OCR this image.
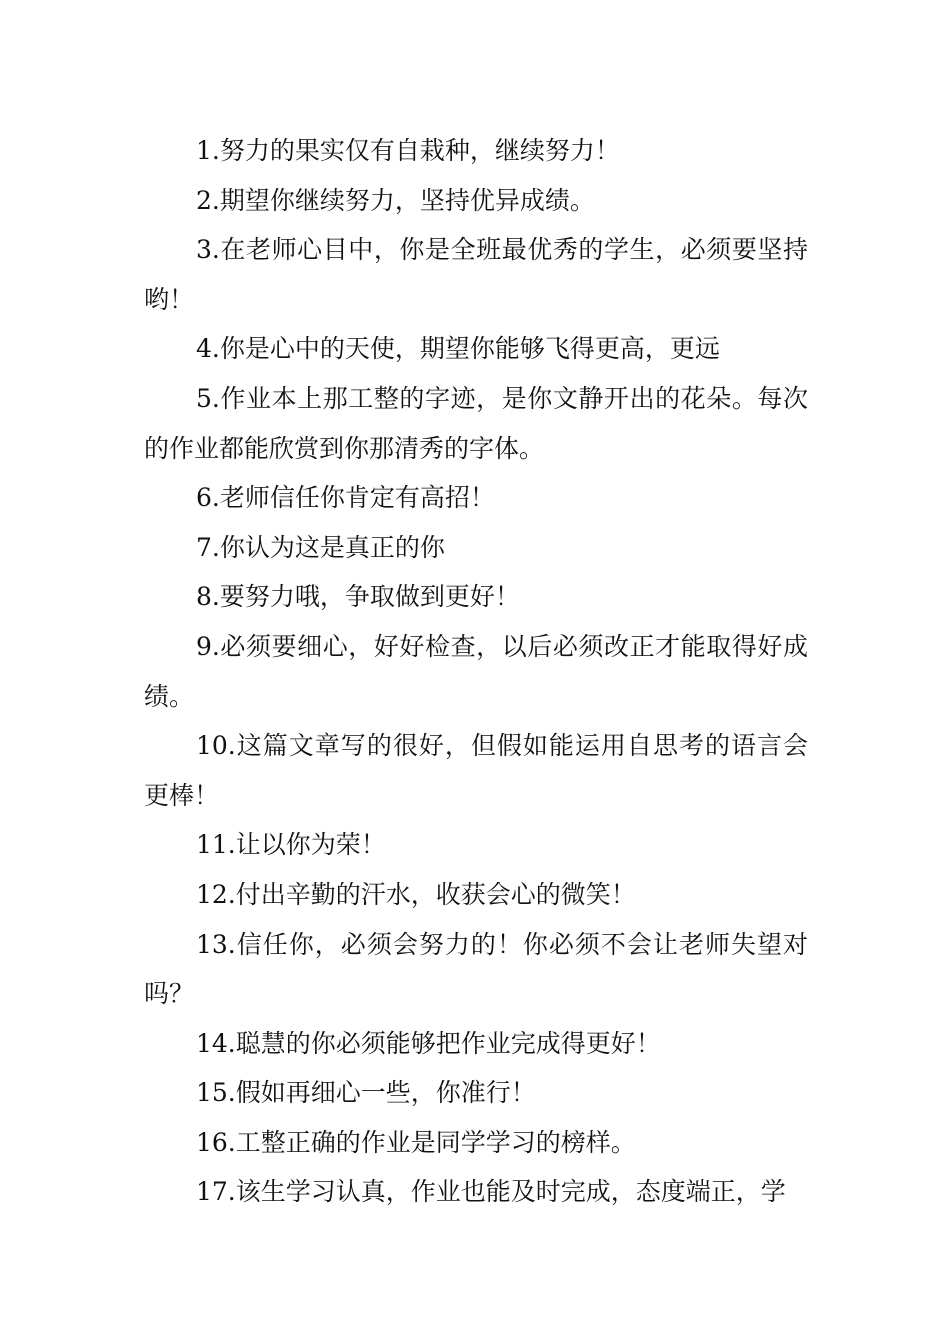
1.努力的果实仅有自栽种，继续努力！

2.期望你继续努力，坚持优异成绩。

3.在老师心目中，你是全班最优秀的学生，必须要坚持哟！

4.你是心中的天使，期望你能够飞得更高，更远

5.作业本上那工整的字迹，是你文静开出的花朵。每次的作业都能欣赏到你那清秀的字体。

6.老师信任你肯定有高招！

7.你认为这是真正的你

8.要努力哦，争取做到更好！

9.必须要细心，好好检查，以后必须改正才能取得好成绩。

10.这篇文章写的很好，但假如能运用自思考的语言会更棒！

11.让以你为荣！

12.付出辛勤的汗水，收获会心的微笑！

13.信任你，必须会努力的！你必须不会让老师失望对吗？

14.聪慧的你必须能够把作业完成得更好！

15.假如再细心一些，你准行！

16.工整正确的作业是同学学习的榜样。

17.该生学习认真，作业也能及时完成，态度端正，学
